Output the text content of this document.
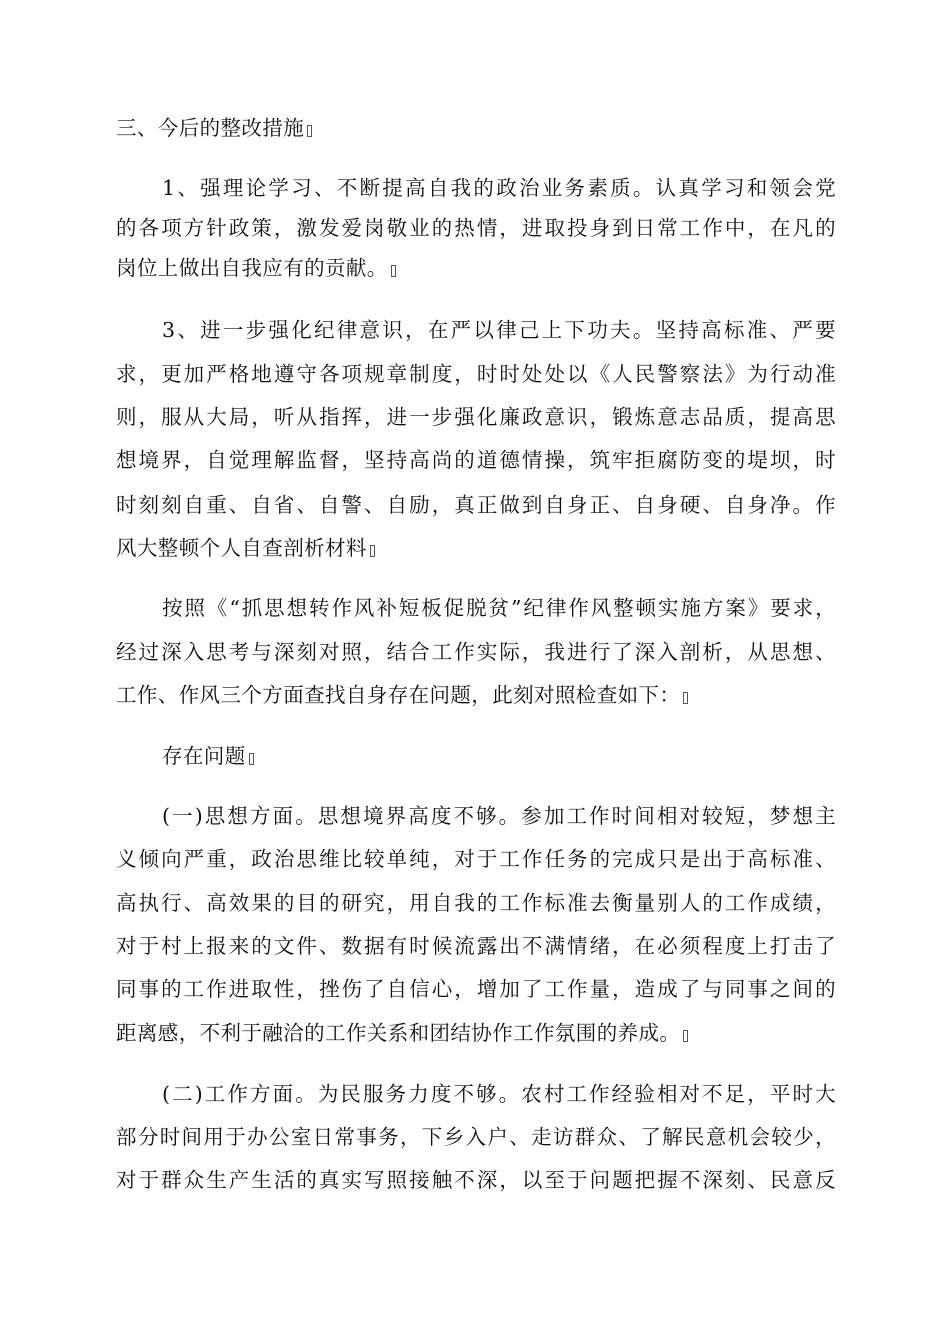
三、今后的整改措施
1、强理论学习、不断提高自我的政治业务素质。认真学习和领会党
的各项方针政策，激发爱岗敬业的热情，进取投身到日常工作中，在凡的
岗位上做出自我应有的贡献。
3、进一步强化纪律意识，在严以律己上下功夫。坚持高标准、严要
求，更加严格地遵守各项规章制度，时时处处以《人民警察法》为行动准
则，服从大局，听从指挥，进一步强化廉政意识，锻炼意志品质，提高思
想境界，自觉理解监督，坚持高尚的道德情操，筑牢拒腐防变的堤坝，时
时刻刻自重、自省、自警、自励，真正做到自身正、自身硬、自身净。作
风大整顿个人自查剖析材料
按照《“抓思想转作风补短板促脱贫”纪律作风整顿实施方案》要求，
经过深入思考与深刻对照，结合工作实际，我进行了深入剖析，从思想、
工作、作风三个方面查找自身存在问题，此刻对照检查如下：
存在问题
(一)思想方面。思想境界高度不够。参加工作时间相对较短，梦想主
义倾向严重，政治思维比较单纯，对于工作任务的完成只是出于高标准、
高执行、高效果的目的研究，用自我的工作标准去衡量别人的工作成绩，
对于村上报来的文件、数据有时候流露出不满情绪，在必须程度上打击了
同事的工作进取性，挫伤了自信心，增加了工作量，造成了与同事之间的
距离感，不利于融洽的工作关系和团结协作工作氛围的养成。
(二)工作方面。为民服务力度不够。农村工作经验相对不足，平时大
部分时间用于办公室日常事务，下乡入户、走访群众、了解民意机会较少，
对于群众生产生活的真实写照接触不深，以至于问题把握不深刻、民意反
